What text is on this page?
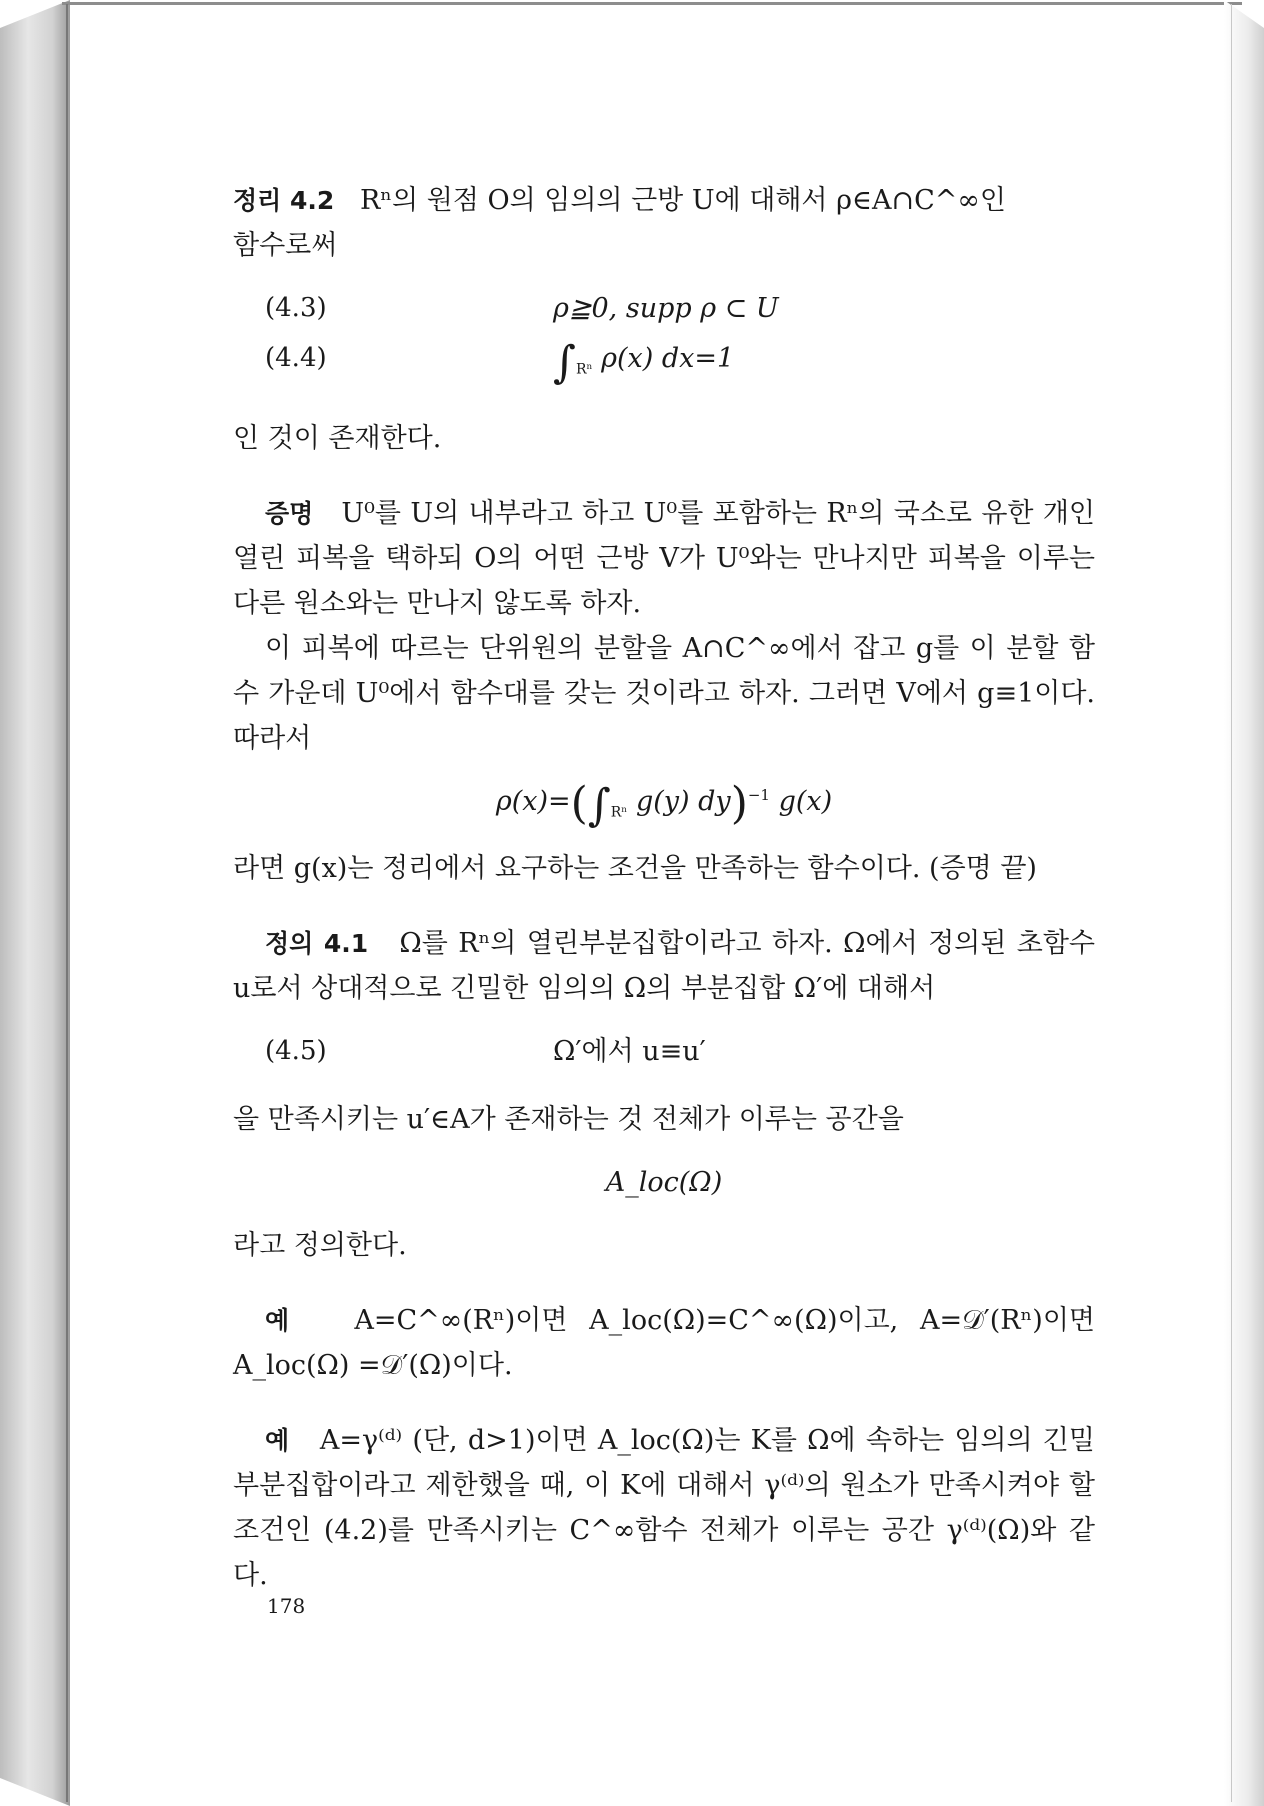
정리 4.2 Rⁿ의 원점 O의 임의의 근방 U에 대해서 ρ∈A∩C^∞인
함수로써

(4.3)	ρ≧0, supp ρ ⊂ U
(4.4)	$\int_{R^n}$ ρ(x) dx=1

인 것이 존재한다.

증명 U⁰를 U의 내부라고 하고 U⁰를 포함하는 Rⁿ의 국소로 유한 개인 열린 피복을 택하되 O의 어떤 근방 V가 U⁰와는 만나지만 피복을 이루는 다른 원소와는 만나지 않도록 하자.

이 피복에 따르는 단위원의 분할을 A∩C^∞에서 잡고 g를 이 분할 함수 가운데 U⁰에서 함수대를 갖는 것이라고 하자. 그러면 V에서 g≡1이다. 따라서

$\rho(x)=(\int_{R^n}$ g(y) dy)$^{-1}$ g(x)

라면 g(x)는 정리에서 요구하는 조건을 만족하는 함수이다. (증명 끝)

정의 4.1 Ω를 Rⁿ의 열린부분집합이라고 하자. Ω에서 정의된 초함수 u로서 상대적으로 긴밀한 임의의 Ω의 부분집합 Ω′에 대해서

(4.5)	Ω′에서 u≡u′

을 만족시키는 u′∈A가 존재하는 것 전체가 이루는 공간을

A_loc(Ω)

라고 정의한다.

예 A=C^∞(Rⁿ)이면 A_loc(Ω)=C^∞(Ω)이고, A=𝒟′(Rⁿ)이면 A_loc(Ω) =𝒟′(Ω)이다.

예 A=γ⁽ᵈ⁾ (단, d>1)이면 A_loc(Ω)는 K를 Ω에 속하는 임의의 긴밀부분집합이라고 제한했을 때, 이 K에 대해서 γ⁽ᵈ⁾의 원소가 만족시켜야 할 조건인 (4.2)를 만족시키는 C^∞함수 전체가 이루는 공간 γ⁽ᵈ⁾(Ω)와 같다.

178
